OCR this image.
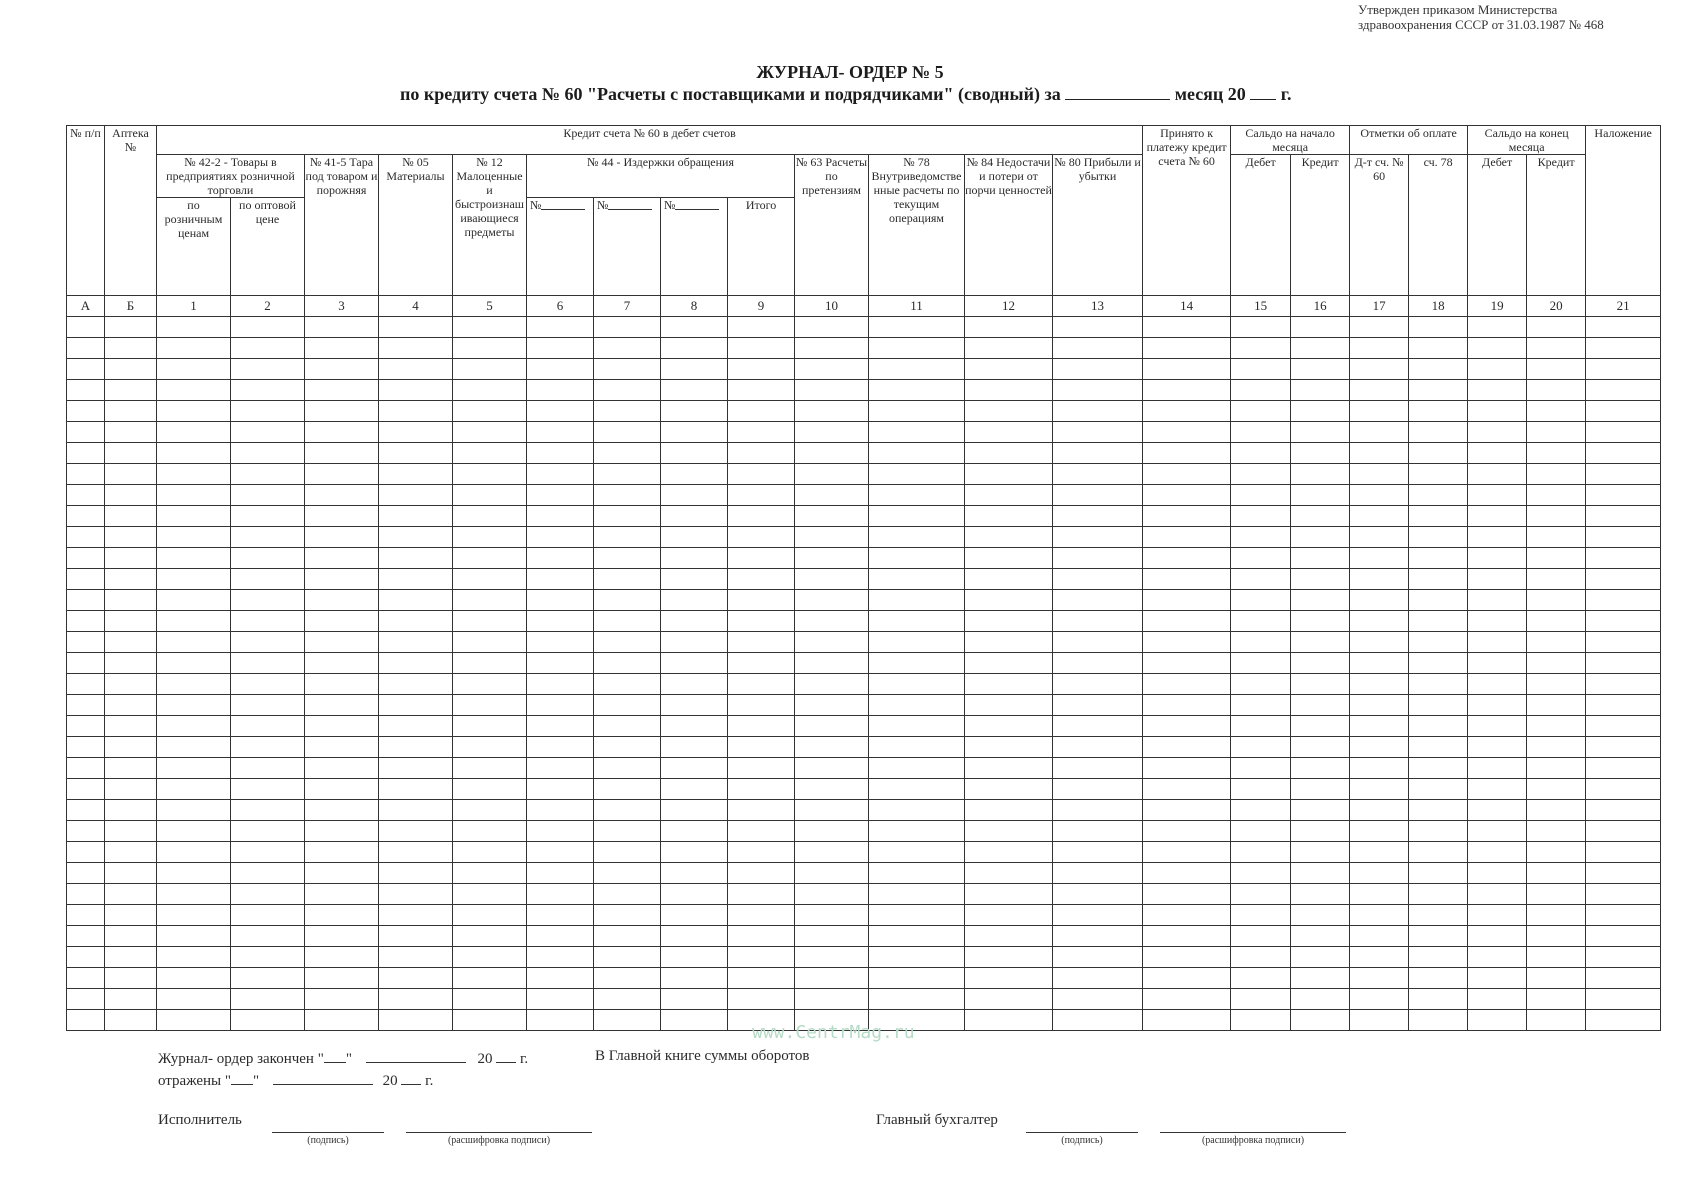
Утвержден приказом Министерства
здравоохранения СССР от 31.03.1987 № 468
ЖУРНАЛ- ОРДЕР № 5
по кредиту счета № 60 "Расчеты с поставщиками и подрядчиками" (сводный) за	месяц 20 г.
№ п/п	Аптека №	Кредит счета № 60 в дебет счетов													Принято к платежу кредит счета № 60	Сальдо на начало месяца		Отметки об оплате		Сальдо на конец месяца		Наложение
		№ 42-2 - Товары в предприятиях розничной торговли		№ 41-5 Тара под товаром и порожняя	№ 05 Материалы	№ 12 Малоценные и быстроизнашивающиеся предметы	№ 44 - Издержки обращения				№ 63 Расчеты по претензиям	№ 78 Внутриведомственные расчеты по текущим операциям	№ 84 Недостачи и потери от порчи ценностей	№ 80 Прибыли и убытки		Дебет	Кредит	Д-т сч. № 60	сч. 78	Дебет	Кредит	
		по розничным ценам	по оптовой цене				№	№	№	Итого												
А	Б	1	2	3	4	5	6	7	8	9	10	11	12	13	14	15	16	17	18	19	20	21

www.CentrMag.ru
Журнал- ордер закончен " "	20 г.	В Главной книге суммы оборотов
отражены " "	20 г.
Исполнитель
(подпись)	(расшифровка подписи)
Главный бухгалтер
(подпись)	(расшифровка подписи)
